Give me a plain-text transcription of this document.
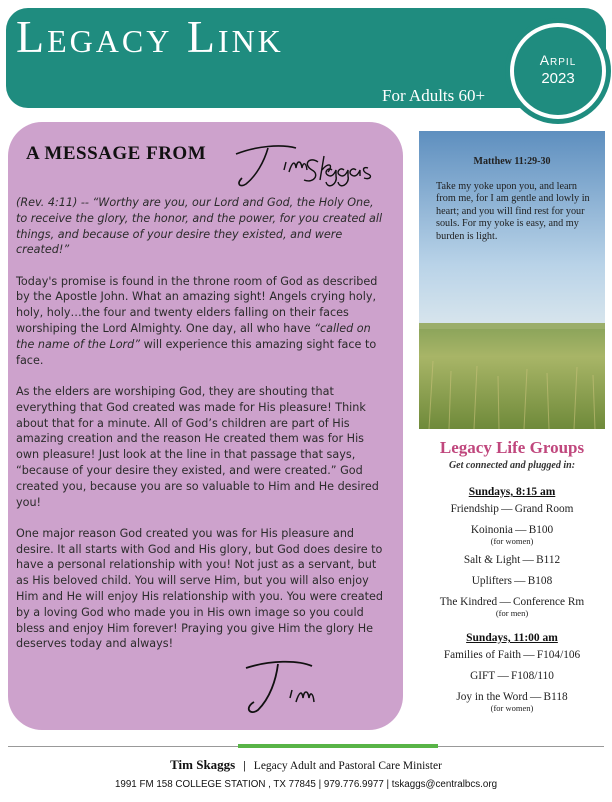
Legacy Link
For Adults 60+
Arpil
2023
A MESSAGE FROM

(Rev. 4:11) -- “Worthy are you, our Lord and God, the Holy One, to receive the glory, the honor, and the power, for you created all things, and because of your desire they existed, and were created!”

Today's promise is found in the throne room of God as described by the Apostle John. What an amazing sight! Angels crying holy, holy, holy…the four and twenty elders falling on their faces worshiping the Lord Almighty. One day, all who have “called on the name of the Lord” will experience this amazing sight face to face.

As the elders are worshiping God, they are shouting that everything that God created was made for His pleasure! Think about that for a minute. All of God’s children are part of His amazing creation and the reason He created them was for His own pleasure! Just look at the line in that passage that says, “because of your desire they existed, and were created.” God created you, because you are so valuable to Him and He desired you!

One major reason God created you was for His pleasure and desire. It all starts with God and His glory, but God does desire to have a personal relationship with you! Not just as a servant, but as His beloved child. You will serve Him, but you will also enjoy Him and He will enjoy His relationship with you. You were created by a loving God who made you in His own image so you could bless and enjoy Him forever! Praying you give Him the glory He deserves today and always!

Matthew 11:29-30
Take my yoke upon you, and learn from me, for I am gentle and lowly in heart; and you will find rest for your souls. For my yoke is easy, and my burden is light.
Legacy Life Groups
Get connected and plugged in:
Sundays, 8:15 am
Friendship — Grand Room
Koinonia — B100
(for women)
Salt & Light — B112
Uplifters — B108
The Kindred — Conference Rm
(for men)
Sundays, 11:00 am
Families of Faith — F104/106
GIFT — F108/110
Joy in the Word — B118
(for women)
Tim Skaggs | Legacy Adult and Pastoral Care Minister
1991 FM 158 COLLEGE STATION , TX 77845 | 979.776.9977 | tskaggs@centralbcs.org
